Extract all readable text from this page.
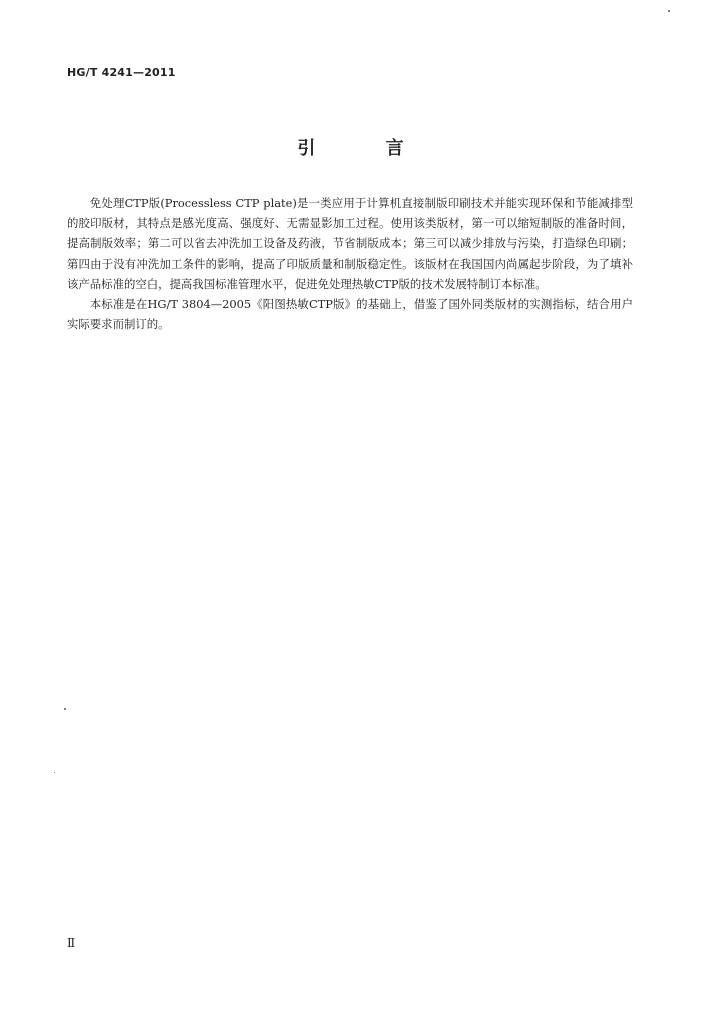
HG/T 4241—2011
引 言

免处理CTP版(Processless CTP plate)是一类应用于计算机直接制版印刷技术并能实现环保和节能减排型的胶印版材，其特点是感光度高、强度好、无需显影加工过程。使用该类版材，第一可以缩短制版的准备时间，提高制版效率；第二可以省去冲洗加工设备及药液，节省制版成本；第三可以减少排放与污染，打造绿色印刷；第四由于没有冲洗加工条件的影响，提高了印版质量和制版稳定性。该版材在我国国内尚属起步阶段，为了填补该产品标准的空白，提高我国标准管理水平，促进免处理热敏CTP版的技术发展特制订本标准。

本标准是在HG/T 3804—2005《阳图热敏CTP版》的基础上，借鉴了国外同类版材的实测指标，结合用户实际要求而制订的。

Ⅱ
